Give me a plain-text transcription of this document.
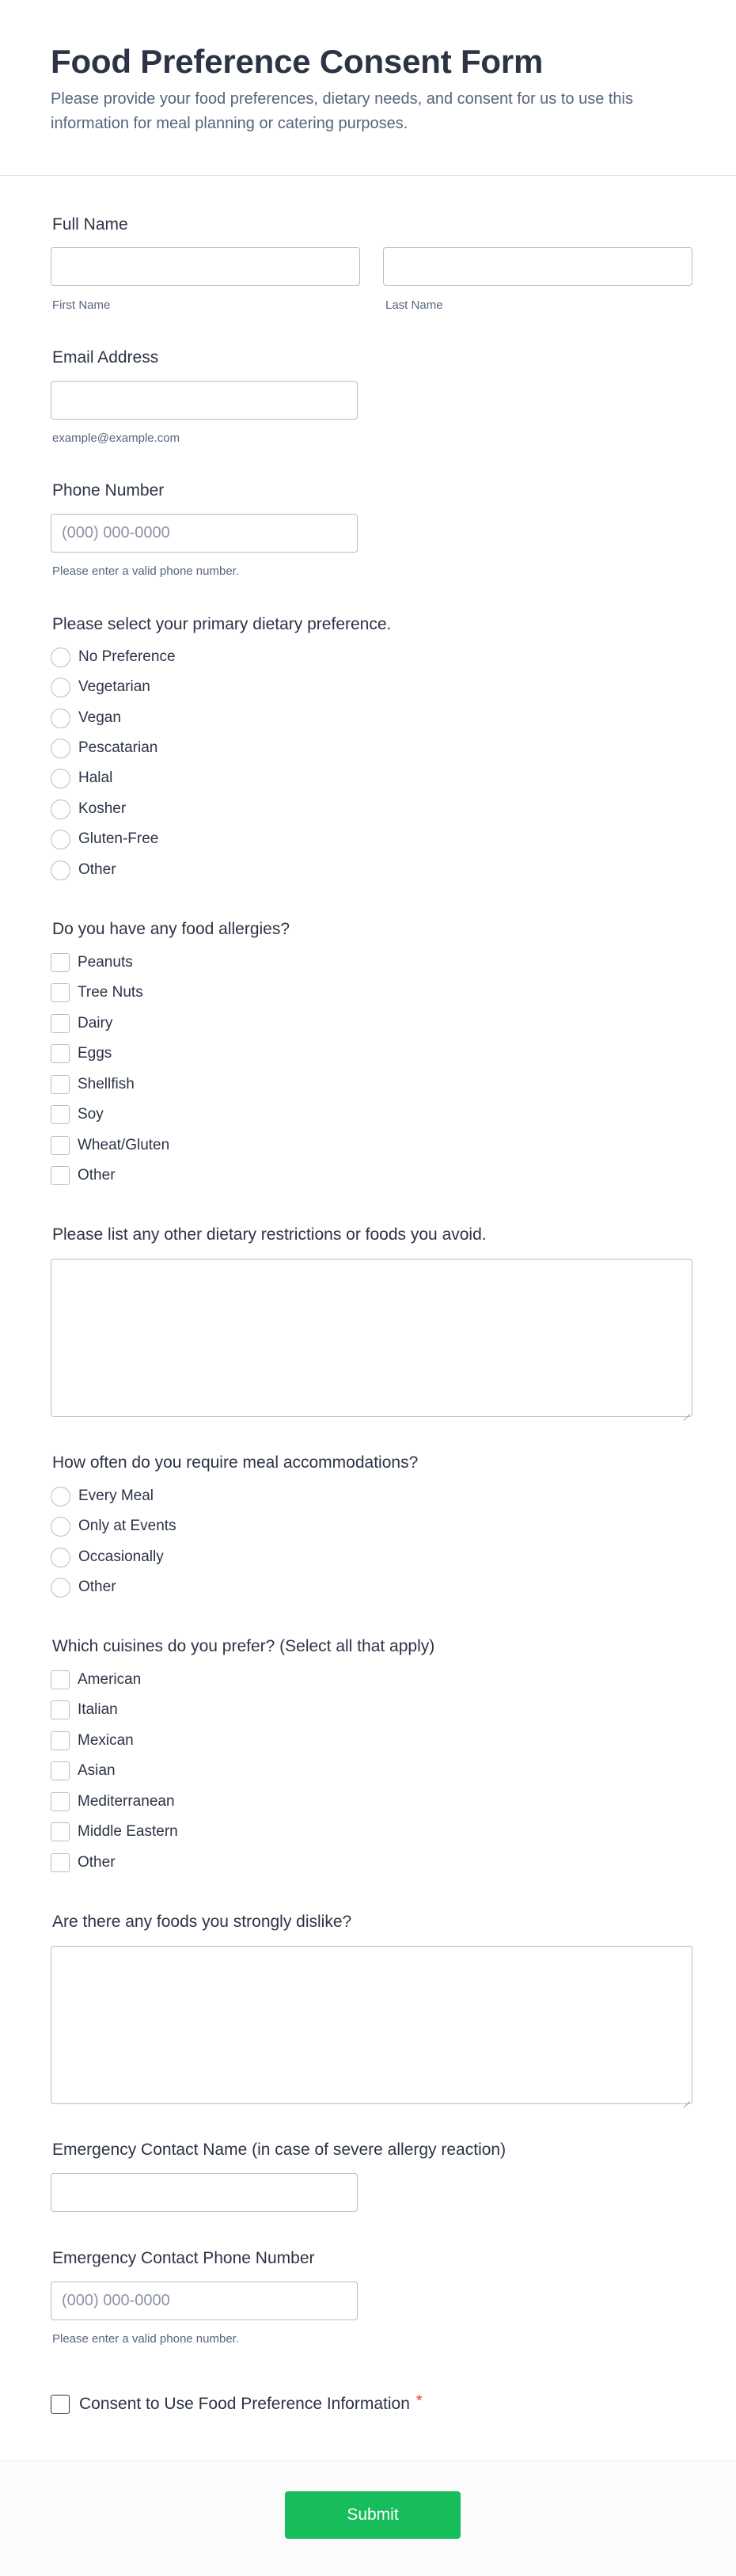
Food Preference Consent Form

Please provide your food preferences, dietary needs, and consent for us to use this information for meal planning or catering purposes.

Full Name
First Name	Last Name
Email Address
example@example.com
Phone Number
(000) 000-0000
Please enter a valid phone number.
Please select your primary dietary preference.
No Preference
Vegetarian
Vegan
Pescatarian
Halal
Kosher
Gluten-Free
Other
Do you have any food allergies?
Peanuts
Tree Nuts
Dairy
Eggs
Shellfish
Soy
Wheat/Gluten
Other
Please list any other dietary restrictions or foods you avoid.
How often do you require meal accommodations?
Every Meal
Only at Events
Occasionally
Other
Which cuisines do you prefer? (Select all that apply)
American
Italian
Mexican
Asian
Mediterranean
Middle Eastern
Other
Are there any foods you strongly dislike?
Emergency Contact Name (in case of severe allergy reaction)
Emergency Contact Phone Number
(000) 000-0000
Please enter a valid phone number.
Consent to Use Food Preference Information *
Submit
